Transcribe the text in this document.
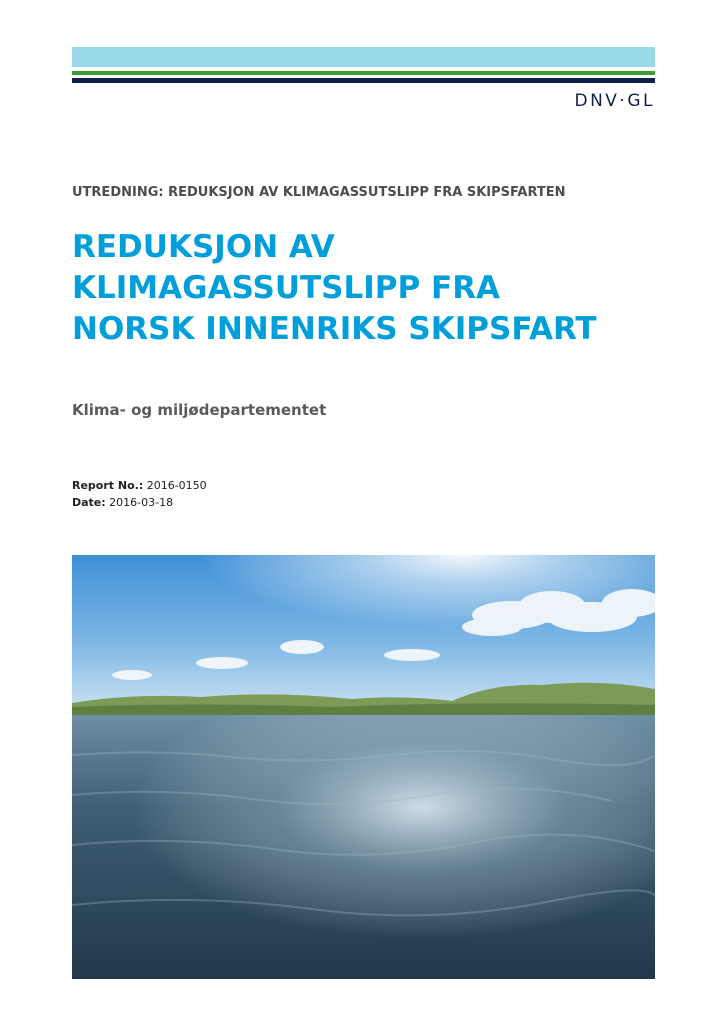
DNV·GL
UTREDNING: REDUKSJON AV KLIMAGASSUTSLIPP FRA SKIPSFARTEN
REDUKSJON AV KLIMAGASSUTSLIPP FRA NORSK INNENRIKS SKIPSFART
Klima- og miljødepartementet
Report No.: 2016-0150
Date: 2016-03-18
